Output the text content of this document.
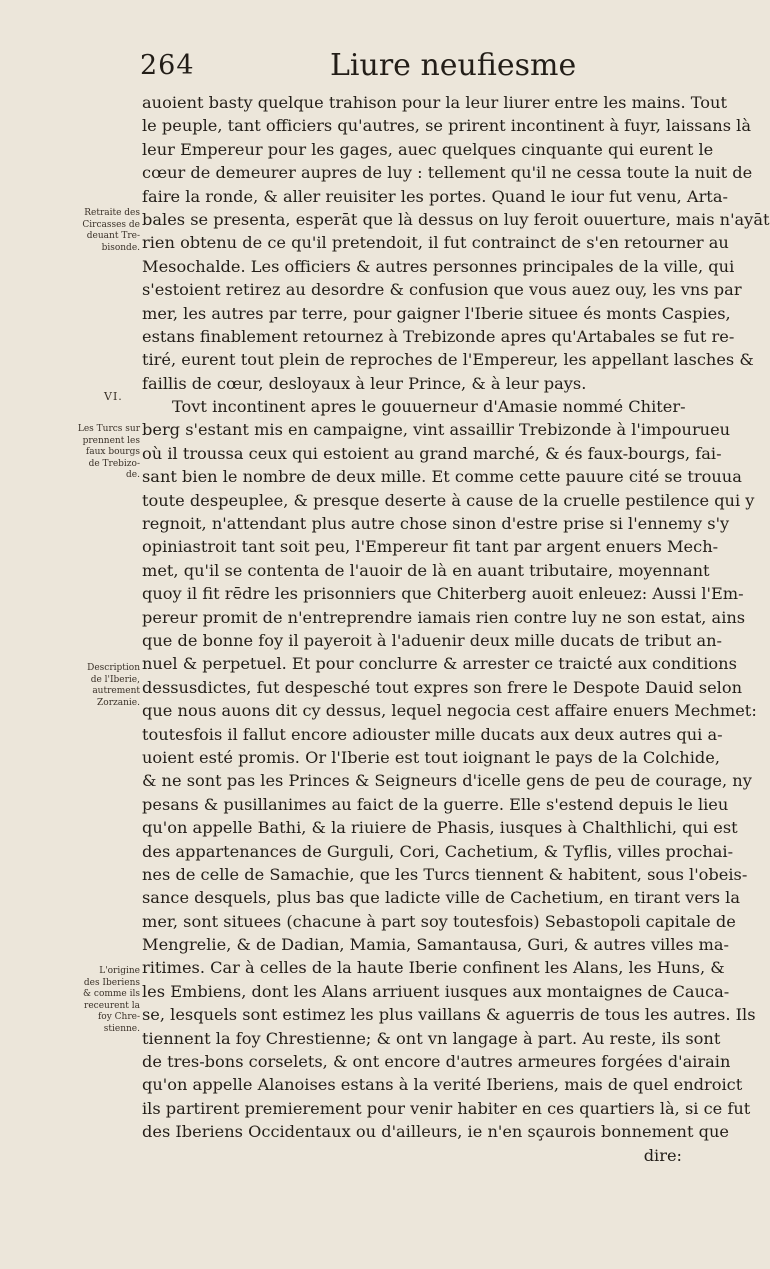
264	Liure neufiesme
VI.
Retraite des
Circasses de
deuant Tre-
bisonde.
Les Turcs sur
prennent les
faux bourgs
de Trebizo-
de.
Description
de l'Iberie,
autrement
Zorzanie.
L'origine
des Iberiens
& comme ils
receurent la
foy Chre-
stienne.
auoient basty quelque trahison pour la leur liurer entre les mains. Tout
le peuple, tant officiers qu'autres, se prirent incontinent à fuyr, laissans là
leur Empereur pour les gages, auec quelques cinquante qui eurent le
cœur de demeurer aupres de luy : tellement qu'il ne cessa toute la nuit de
faire la ronde, & aller reuisiter les portes. Quand le iour fut venu, Arta-
bales se presenta, esperāt que là dessus on luy feroit ouuerture, mais n'ayāt
rien obtenu de ce qu'il pretendoit, il fut contrainct de s'en retourner au
Mesochalde. Les officiers & autres personnes principales de la ville, qui
s'estoient retirez au desordre & confusion que vous auez ouy, les vns par
mer, les autres par terre, pour gaigner l'Iberie situee és monts Caspies,
estans finablement retournez à Trebizonde apres qu'Artabales se fut re-
tiré, eurent tout plein de reproches de l'Empereur, les appellant lasches &
faillis de cœur, desloyaux à leur Prince, & à leur pays.
Tovt incontinent apres le gouuerneur d'Amasie nommé Chiter-
berg s'estant mis en campaigne, vint assaillir Trebizonde à l'impourueu
où il troussa ceux qui estoient au grand marché, & és faux-bourgs, fai-
sant bien le nombre de deux mille. Et comme cette pauure cité se trouua
toute despeuplee, & presque deserte à cause de la cruelle pestilence qui y
regnoit, n'attendant plus autre chose sinon d'estre prise si l'ennemy s'y
opiniastroit tant soit peu, l'Empereur fit tant par argent enuers Mech-
met, qu'il se contenta de l'auoir de là en auant tributaire, moyennant
quoy il fit rēdre les prisonniers que Chiterberg auoit enleuez: Aussi l'Em-
pereur promit de n'entreprendre iamais rien contre luy ne son estat, ains
que de bonne foy il payeroit à l'aduenir deux mille ducats de tribut an-
nuel & perpetuel. Et pour conclurre & arrester ce traicté aux conditions
dessusdictes, fut despesché tout expres son frere le Despote Dauid selon
que nous auons dit cy dessus, lequel negocia cest affaire enuers Mechmet:
toutesfois il fallut encore adiouster mille ducats aux deux autres qui a-
uoient esté promis. Or l'Iberie est tout ioignant le pays de la Colchide,
& ne sont pas les Princes & Seigneurs d'icelle gens de peu de courage, ny
pesans & pusillanimes au faict de la guerre. Elle s'estend depuis le lieu
qu'on appelle Bathi, & la riuiere de Phasis, iusques à Chalthlichi, qui est
des appartenances de Gurguli, Cori, Cachetium, & Tyflis, villes prochai-
nes de celle de Samachie, que les Turcs tiennent & habitent, sous l'obeis-
sance desquels, plus bas que ladicte ville de Cachetium, en tirant vers la
mer, sont situees (chacune à part soy toutesfois) Sebastopoli capitale de
Mengrelie, & de Dadian, Mamia, Samantausa, Guri, & autres villes ma-
ritimes. Car à celles de la haute Iberie confinent les Alans, les Huns, &
les Embiens, dont les Alans arriuent iusques aux montaignes de Cauca-
se, lesquels sont estimez les plus vaillans & aguerris de tous les autres. Ils
tiennent la foy Chrestienne; & ont vn langage à part. Au reste, ils sont
de tres-bons corselets, & ont encore d'autres armeures forgées d'airain
qu'on appelle Alanoises estans à la verité Iberiens, mais de quel endroict
ils partirent premierement pour venir habiter en ces quartiers là, si ce fut
des Iberiens Occidentaux ou d'ailleurs, ie n'en sçaurois bonnement que
dire:
